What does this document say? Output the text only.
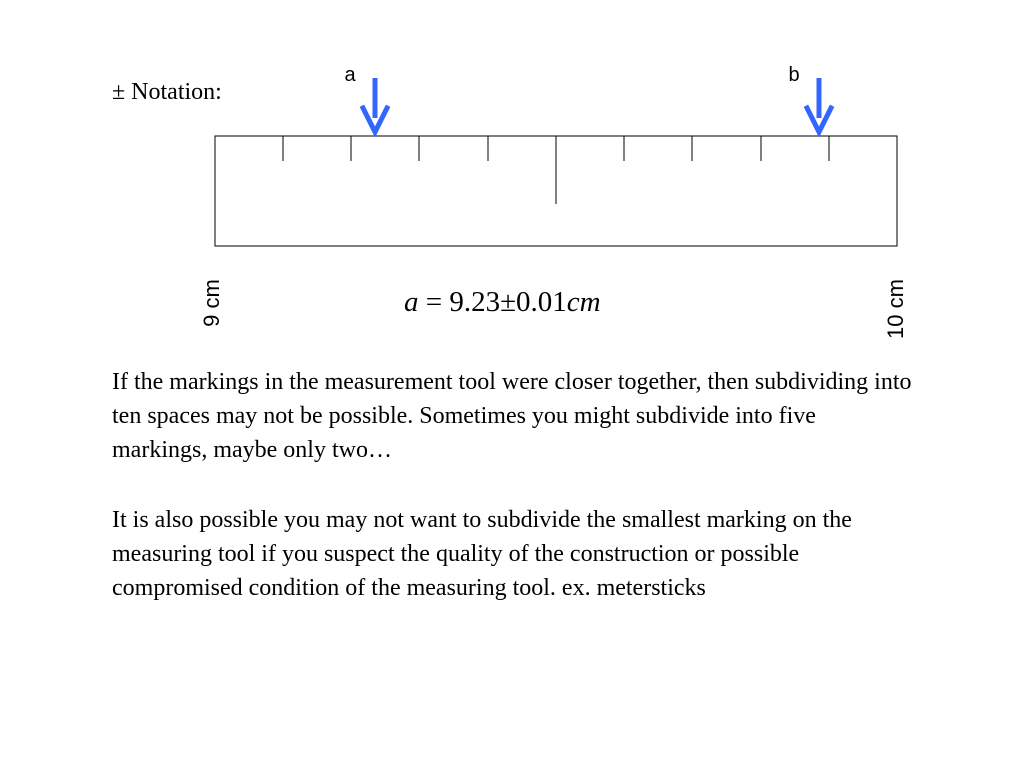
± Notation:
a	b
9 cm	10 cm
a = 9.23±0.01cm
If the markings in the measurement tool were closer together, then subdividing into ten spaces may not be possible. Sometimes you might subdivide into five markings, maybe only two…
It is also possible you may not want to subdivide the smallest marking on the measuring tool if you suspect the quality of the construction or possible compromised condition of the measuring tool. ex. metersticks
